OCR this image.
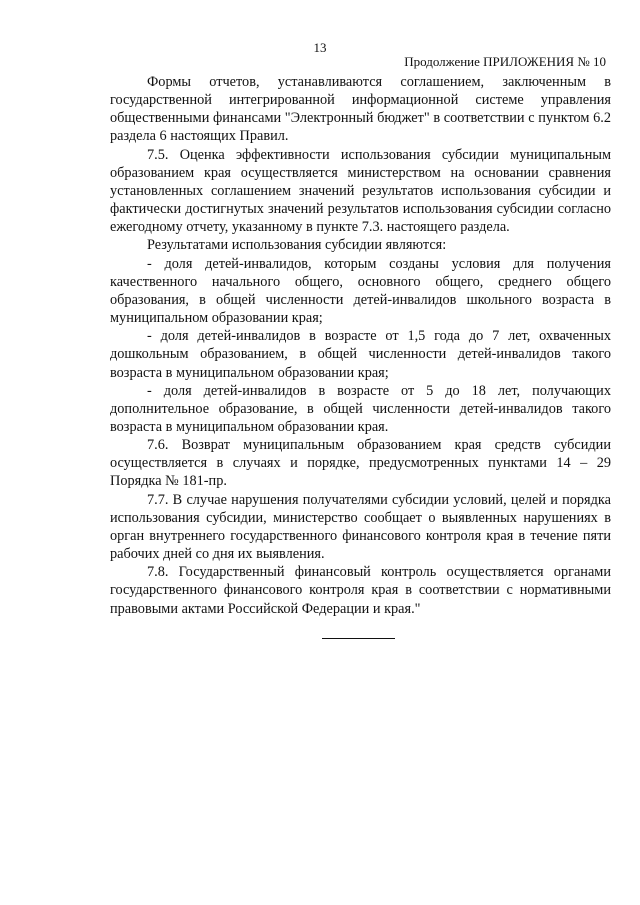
13
Продолжение ПРИЛОЖЕНИЯ № 10

Формы отчетов, устанавливаются соглашением, заключенным в государственной интегрированной информационной системе управления общественными финансами "Электронный бюджет" в соответствии с пунктом 6.2 раздела 6 настоящих Правил.

7.5. Оценка эффективности использования субсидии муниципальным образованием края осуществляется министерством на основании сравнения установленных соглашением значений результатов использования субсидии и фактически достигнутых значений результатов использования субсидии согласно ежегодному отчету, указанному в пункте 7.3. настоящего раздела.

Результатами использования субсидии являются:

- доля детей-инвалидов, которым созданы условия для получения качественного начального общего, основного общего, среднего общего образования, в общей численности детей-инвалидов школьного возраста в муниципальном образовании края;

- доля детей-инвалидов в возрасте от 1,5 года до 7 лет, охваченных дошкольным образованием, в общей численности детей-инвалидов такого возраста в муниципальном образовании края;

- доля детей-инвалидов в возрасте от 5 до 18 лет, получающих дополнительное образование, в общей численности детей-инвалидов такого возраста в муниципальном образовании края.

7.6. Возврат муниципальным образованием края средств субсидии осуществляется в случаях и порядке, предусмотренных пунктами 14 – 29 Порядка № 181-пр.

7.7. В случае нарушения получателями субсидии условий, целей и порядка использования субсидии, министерство сообщает о выявленных нарушениях в орган внутреннего государственного финансового контроля края в течение пяти рабочих дней со дня их выявления.

7.8. Государственный финансовый контроль осуществляется органами государственного финансового контроля края в соответствии с нормативными правовыми актами Российской Федерации и края."
